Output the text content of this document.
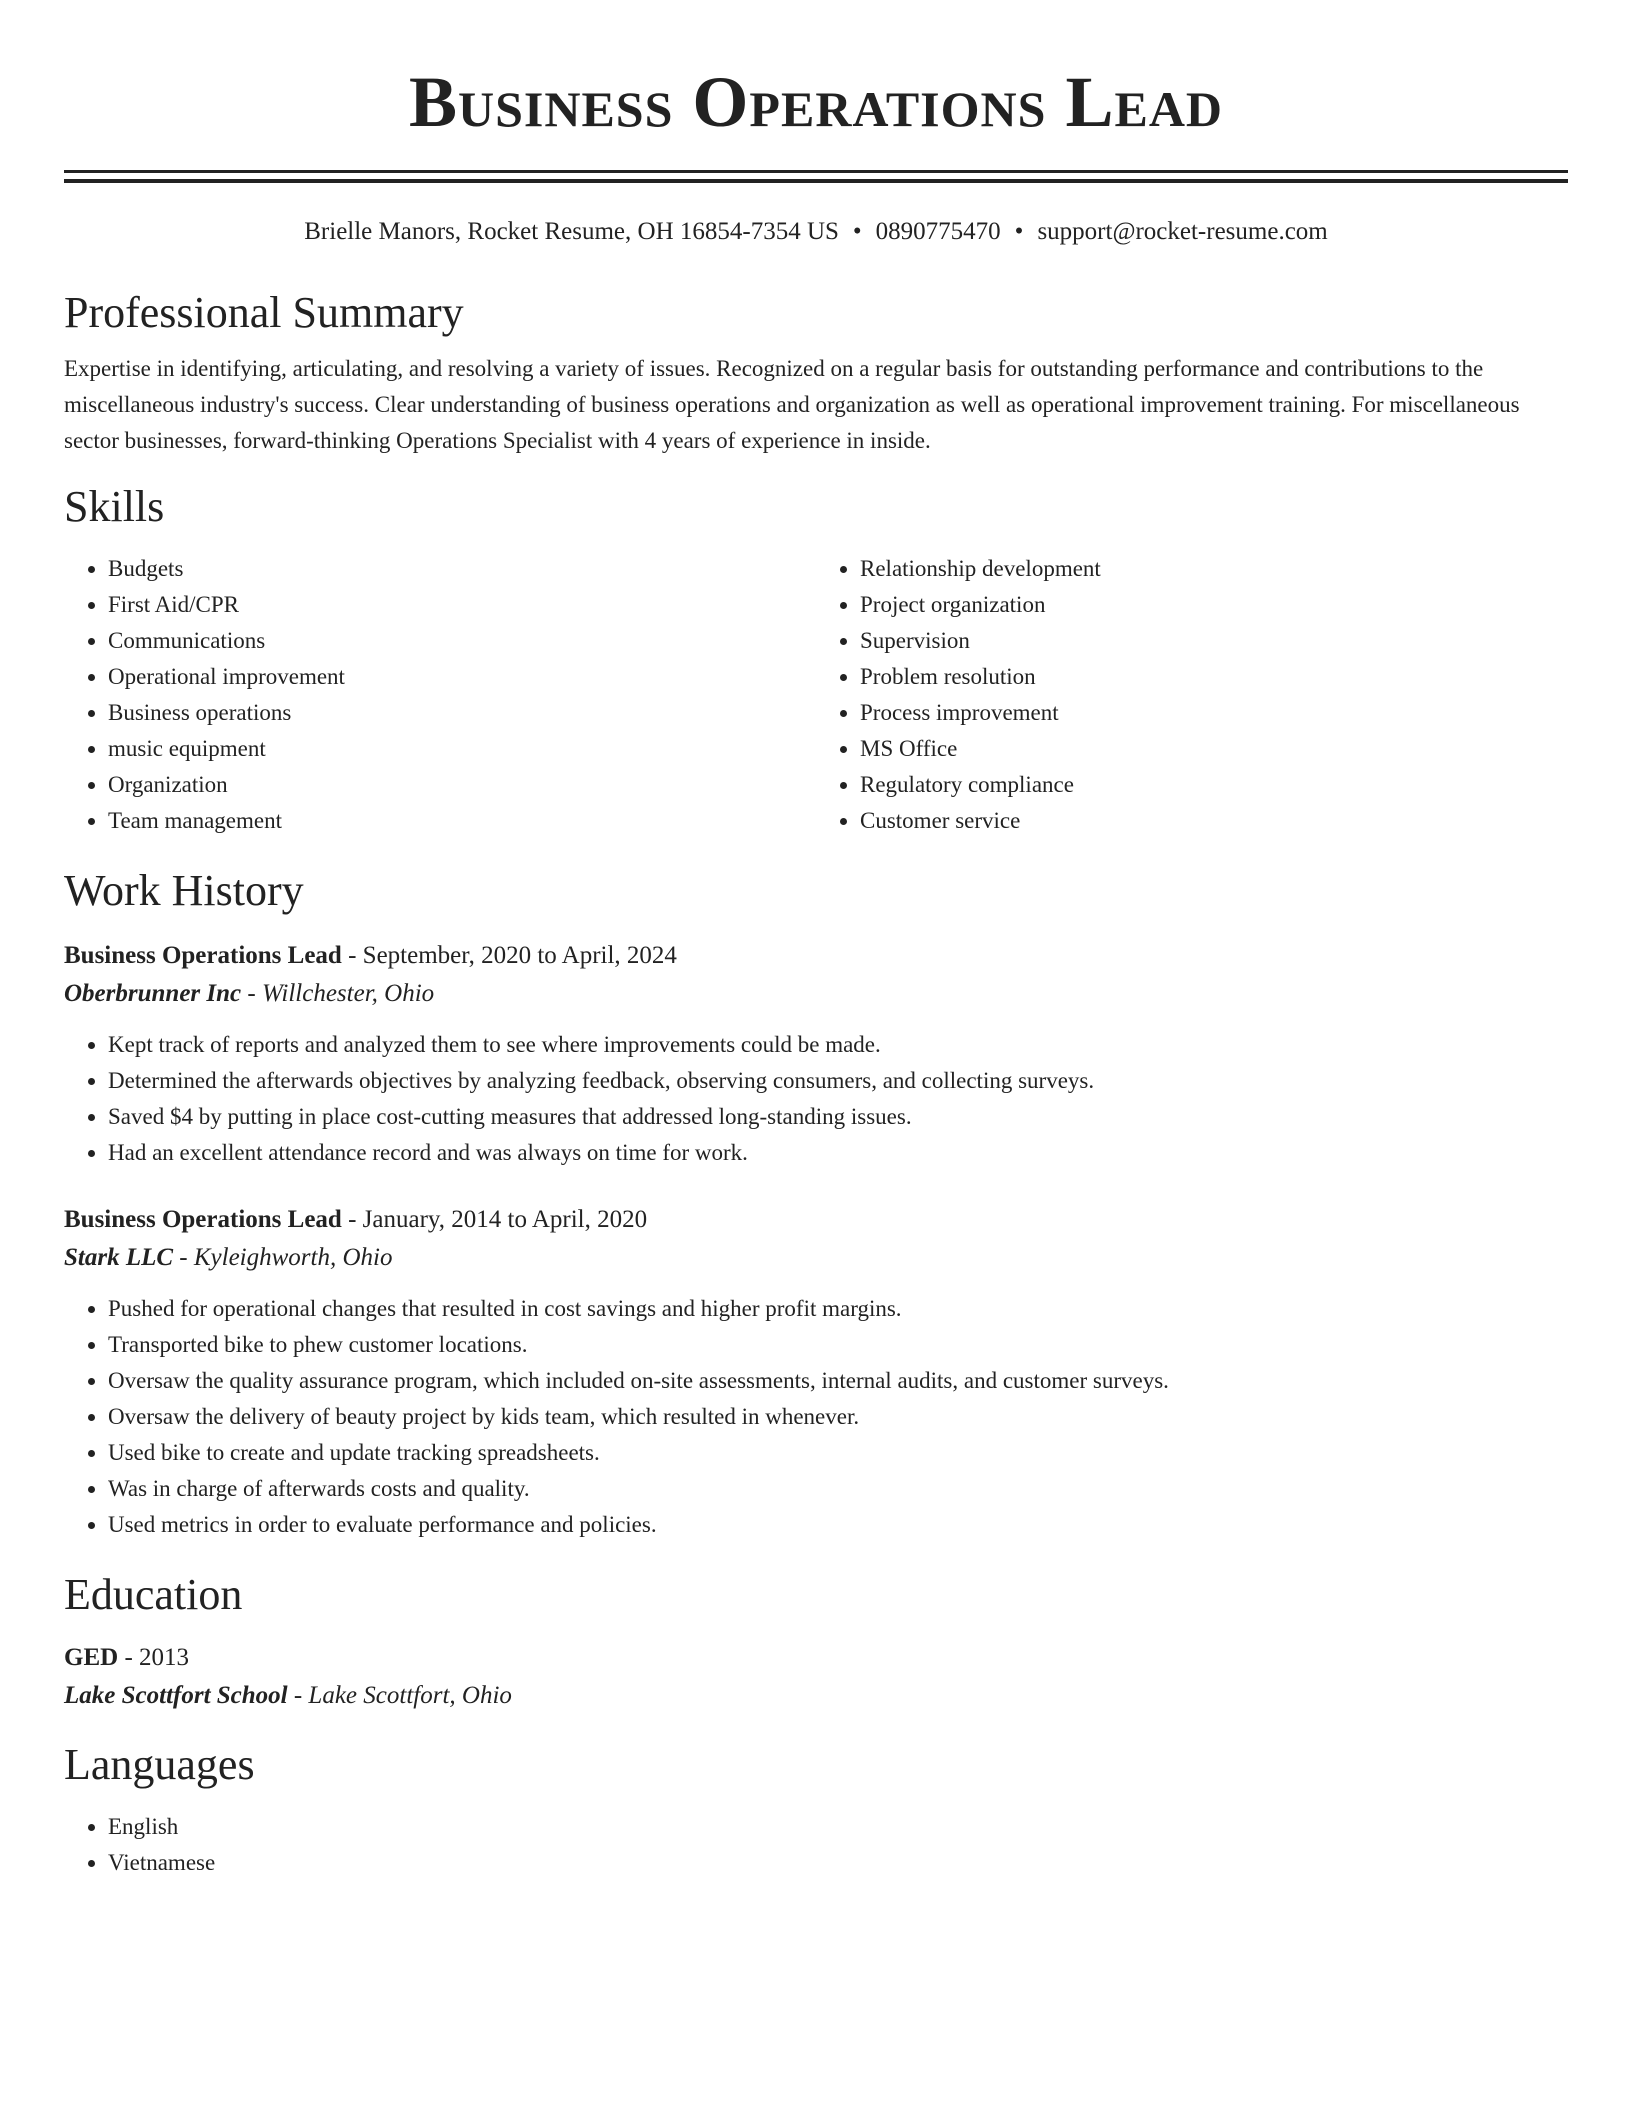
Business Operations Lead
Brielle Manors, Rocket Resume, OH 16854-7354 US • 0890775470 • support@rocket-resume.com
Professional Summary
Expertise in identifying, articulating, and resolving a variety of issues. Recognized on a regular basis for outstanding performance and contributions to the miscellaneous industry's success. Clear understanding of business operations and organization as well as operational improvement training. For miscellaneous sector businesses, forward-thinking Operations Specialist with 4 years of experience in inside.
Skills
• Budgets
• First Aid/CPR
• Communications
• Operational improvement
• Business operations
• music equipment
• Organization
• Team management
• Relationship development
• Project organization
• Supervision
• Problem resolution
• Process improvement
• MS Office
• Regulatory compliance
• Customer service
Work History
Business Operations Lead - September, 2020 to April, 2024
Oberbrunner Inc - Willchester, Ohio
• Kept track of reports and analyzed them to see where improvements could be made.
• Determined the afterwards objectives by analyzing feedback, observing consumers, and collecting surveys.
• Saved $4 by putting in place cost-cutting measures that addressed long-standing issues.
• Had an excellent attendance record and was always on time for work.
Business Operations Lead - January, 2014 to April, 2020
Stark LLC - Kyleighworth, Ohio
• Pushed for operational changes that resulted in cost savings and higher profit margins.
• Transported bike to phew customer locations.
• Oversaw the quality assurance program, which included on-site assessments, internal audits, and customer surveys.
• Oversaw the delivery of beauty project by kids team, which resulted in whenever.
• Used bike to create and update tracking spreadsheets.
• Was in charge of afterwards costs and quality.
• Used metrics in order to evaluate performance and policies.
Education
GED - 2013
Lake Scottfort School - Lake Scottfort, Ohio
Languages
• English
• Vietnamese
